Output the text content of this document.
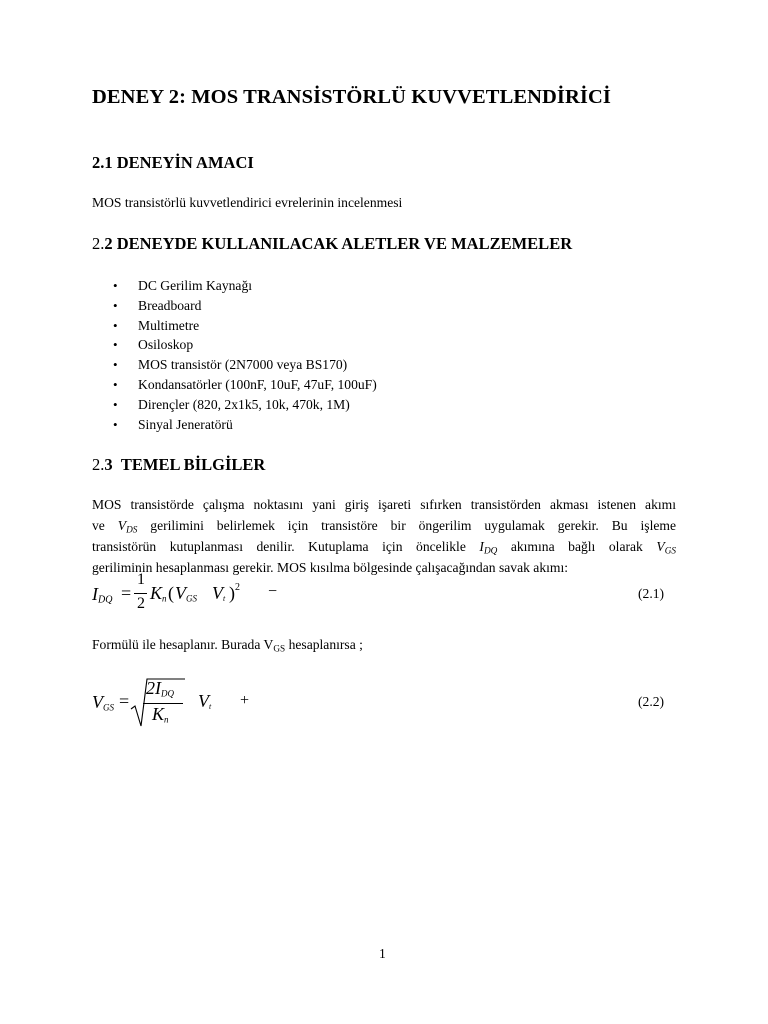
DENEY 2: MOS TRANSİSTÖRLÜ KUVVETLENDİRİCİ
2.1 DENEYİN AMACI
MOS transistörlü kuvvetlendirici evrelerinin incelenmesi
2.2 DENEYDE KULLANILACAK ALETLER VE MALZEMELER
• DC Gerilim Kaynağı
• Breadboard
• Multimetre
• Osiloskop
• MOS transistör (2N7000 veya BS170)
• Kondansatörler (100nF, 10uF, 47uF, 100uF)
• Dirençler (820, 2x1k5, 10k, 470k, 1M)
• Sinyal Jeneratörü
2.3 TEMEL BİLGİLER
MOS transistörde çalışma noktasını yani giriş işareti sıfırken transistörden akması istenen akımı
ve $V_{DS}$ gerilimini belirlemek için transistöre bir öngerilim uygulamak gerekir. Bu işleme
transistörün kutuplanması denilir. Kutuplama için öncelikle $I_{DQ}$ akımına bağlı olarak $V_{GS}$
geriliminin hesaplanması gerekir. MOS kısılma bölgesinde çalışacağından savak akımı:
$I_{DQ}$ =
1
2
$K_n$ ( $V_{GS}$ $V_t$ ) 2 −	(2.1)
Formülü ile hesaplanır. Burada $V_{GS}$ hesaplanırsa ;
$V_{GS}$ =
$2I_{DQ}$
$K_n$
$V_t$ +	(2.2)
1
